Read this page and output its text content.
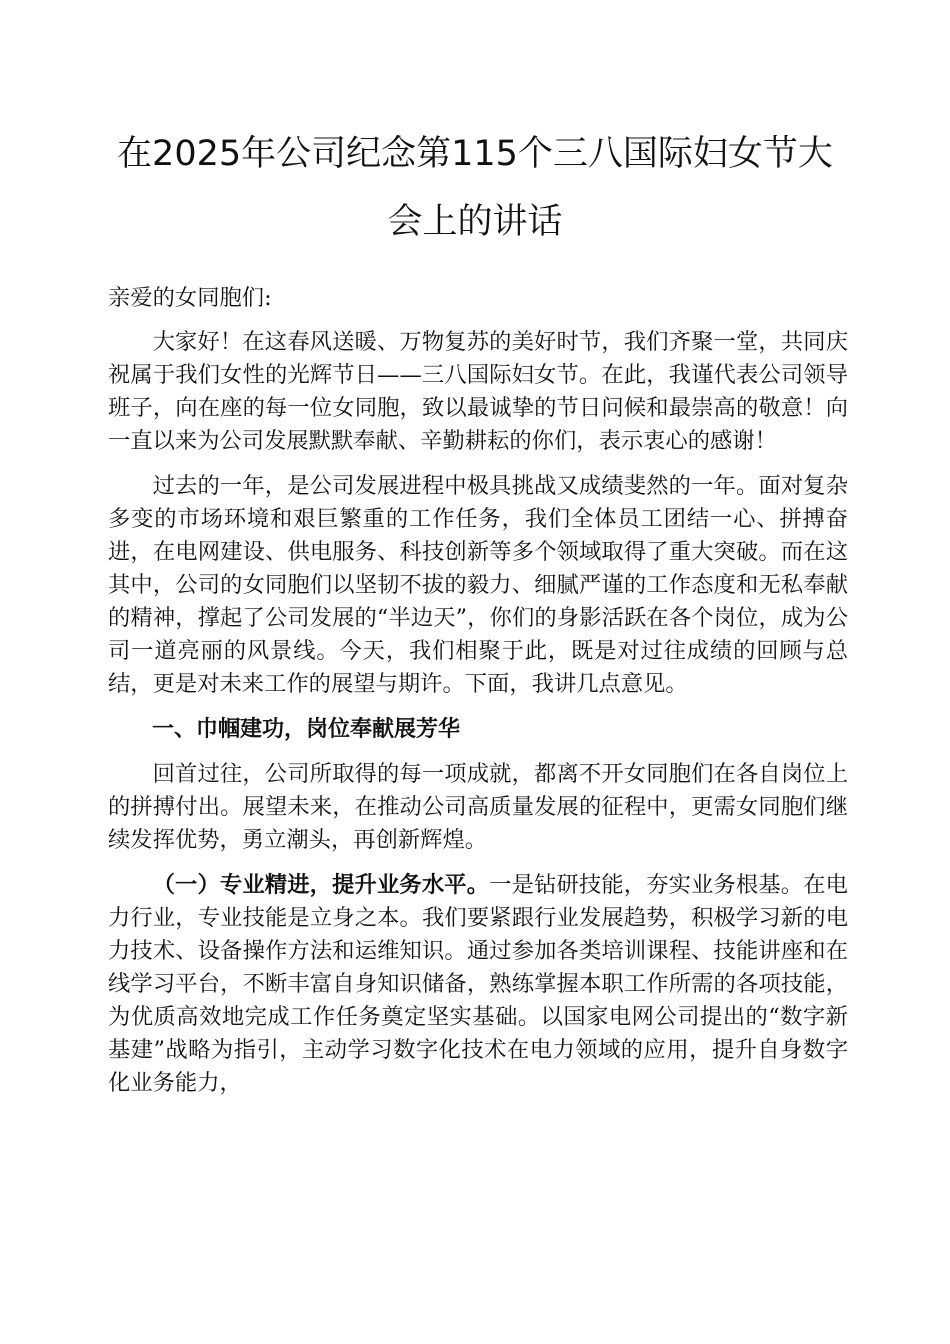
在2025年公司纪念第115个三八国际妇女节大
会上的讲话

亲爱的女同胞们:

大家好！在这春风送暖、万物复苏的美好时节，我们齐聚一堂，共同庆祝属于我们女性的光辉节日——三八国际妇女节。在此，我谨代表公司领导班子，向在座的每一位女同胞，致以最诚挚的节日问候和最崇高的敬意！向一直以来为公司发展默默奉献、辛勤耕耘的你们，表示衷心的感谢！

过去的一年，是公司发展进程中极具挑战又成绩斐然的一年。面对复杂多变的市场环境和艰巨繁重的工作任务，我们全体员工团结一心、拼搏奋进，在电网建设、供电服务、科技创新等多个领域取得了重大突破。而在这其中，公司的女同胞们以坚韧不拔的毅力、细腻严谨的工作态度和无私奉献的精神，撑起了公司发展的“半边天”，你们的身影活跃在各个岗位，成为公司一道亮丽的风景线。今天，我们相聚于此，既是对过往成绩的回顾与总结，更是对未来工作的展望与期许。下面，我讲几点意见。

一、巾帼建功，岗位奉献展芳华

回首过往，公司所取得的每一项成就，都离不开女同胞们在各自岗位上的拼搏付出。展望未来，在推动公司高质量发展的征程中，更需女同胞们继续发挥优势，勇立潮头，再创新辉煌。

（一）专业精进，提升业务水平。一是钻研技能，夯实业务根基。在电力行业，专业技能是立身之本。我们要紧跟行业发展趋势，积极学习新的电力技术、设备操作方法和运维知识。通过参加各类培训课程、技能讲座和在线学习平台，不断丰富自身知识储备，熟练掌握本职工作所需的各项技能，为优质高效地完成工作任务奠定坚实基础。以国家电网公司提出的“数字新基建”战略为指引，主动学习数字化技术在电力领域的应用，提升自身数字化业务能力，
